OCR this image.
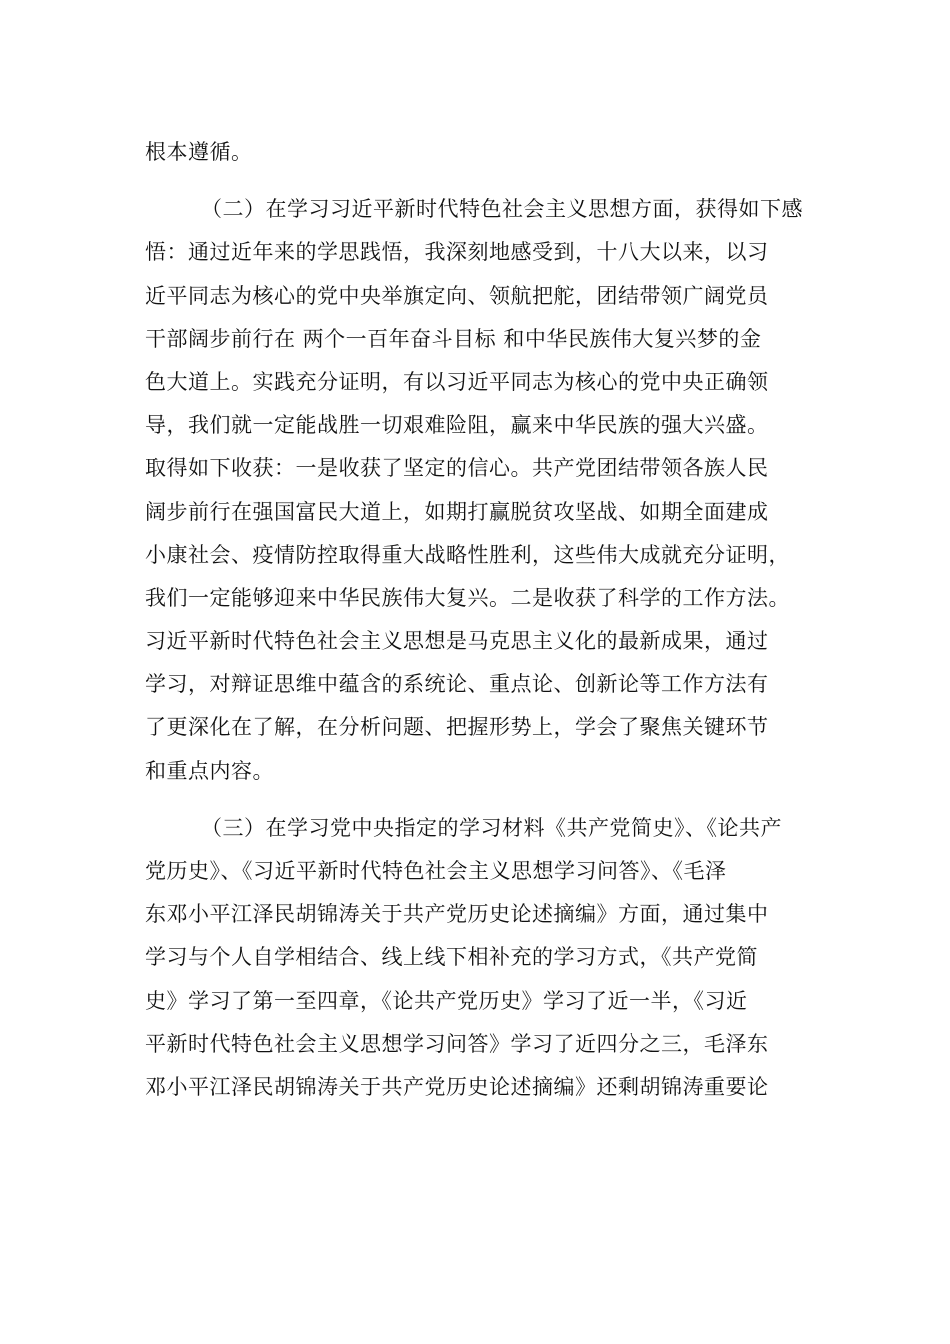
根本遵循。
（二）在学习习近平新时代特色社会主义思想方面，获得如下感
悟：通过近年来的学思践悟，我深刻地感受到，十八大以来，以习
近平同志为核心的党中央举旗定向、领航把舵，团结带领广阔党员
干部阔步前行在 两个一百年奋斗目标 和中华民族伟大复兴梦的金
色大道上。实践充分证明，有以习近平同志为核心的党中央正确领
导，我们就一定能战胜一切艰难险阻，赢来中华民族的强大兴盛。
取得如下收获：一是收获了坚定的信心。共产党团结带领各族人民
阔步前行在强国富民大道上，如期打赢脱贫攻坚战、如期全面建成
小康社会、疫情防控取得重大战略性胜利，这些伟大成就充分证明，
我们一定能够迎来中华民族伟大复兴。二是收获了科学的工作方法。
习近平新时代特色社会主义思想是马克思主义化的最新成果，通过
学习，对辩证思维中蕴含的系统论、重点论、创新论等工作方法有
了更深化在了解，在分析问题、把握形势上，学会了聚焦关键环节
和重点内容。
（三）在学习党中央指定的学习材料《共产党简史》、《论共产
党历史》、《习近平新时代特色社会主义思想学习问答》、《毛泽
东邓小平江泽民胡锦涛关于共产党历史论述摘编》方面，通过集中
学习与个人自学相结合、线上线下相补充的学习方式，《共产党简
史》学习了第一至四章，《论共产党历史》学习了近一半，《习近
平新时代特色社会主义思想学习问答》学习了近四分之三，毛泽东
邓小平江泽民胡锦涛关于共产党历史论述摘编》还剩胡锦涛重要论
